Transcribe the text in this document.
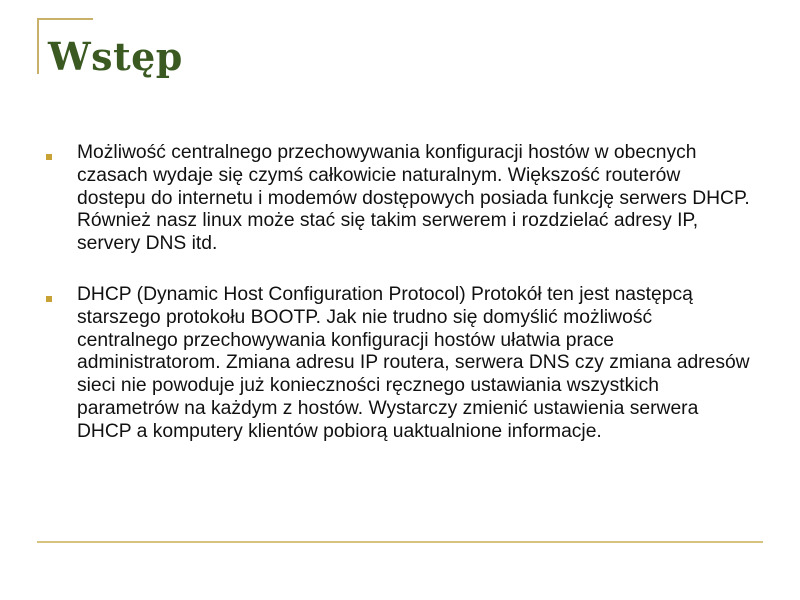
Wstęp
Możliwość centralnego przechowywania konfiguracji hostów w obecnych czasach wydaje się czymś całkowicie naturalnym. Większość routerów dostepu do internetu i modemów dostępowych posiada funkcję serwers DHCP. Również nasz linux może stać się takim serwerem i rozdzielać adresy IP, servery DNS itd.
DHCP (Dynamic Host Configuration Protocol) Protokół ten jest następcą starszego protokołu BOOTP. Jak nie trudno się domyślić możliwość centralnego przechowywania konfiguracji hostów ułatwia prace administratorom. Zmiana adresu IP routera, serwera DNS czy zmiana adresów sieci nie powoduje już konieczności ręcznego ustawiania wszystkich parametrów na każdym z hostów. Wystarczy zmienić ustawienia serwera DHCP a komputery klientów pobiorą uaktualnione informacje.
